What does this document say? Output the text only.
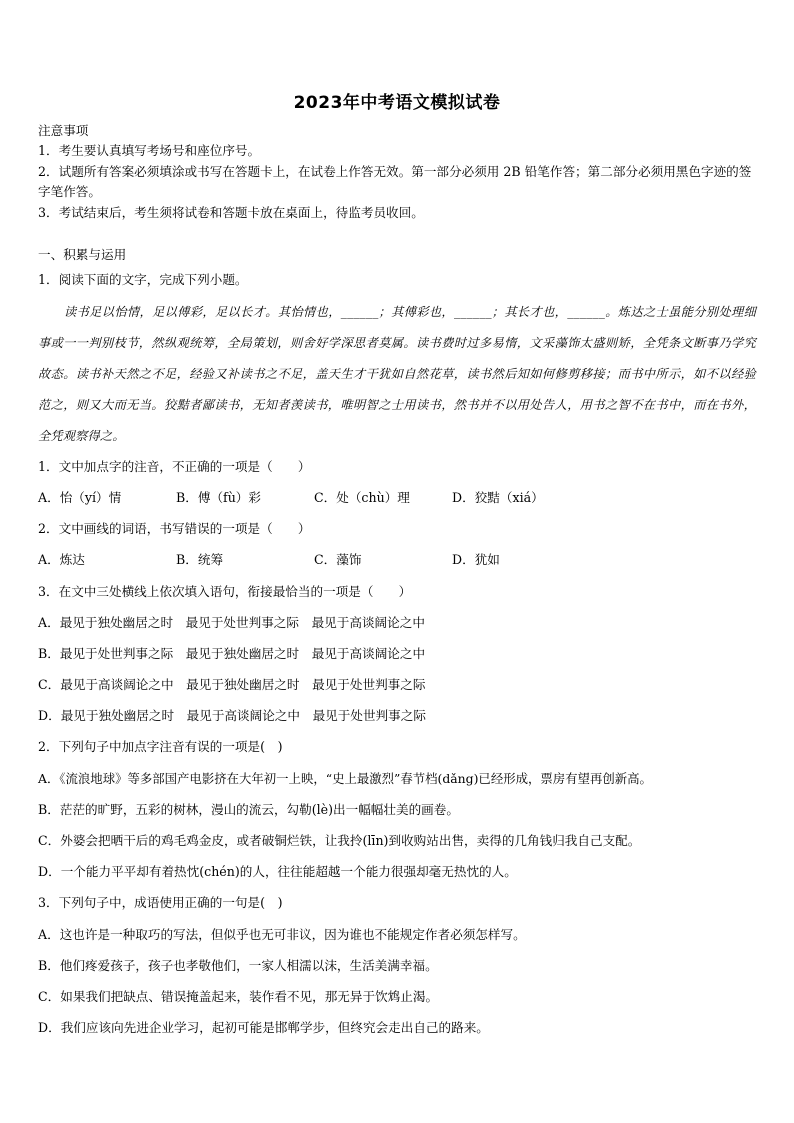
2023年中考语文模拟试卷
注意事项
1．考生要认真填写考场号和座位序号。
2．试题所有答案必须填涂或书写在答题卡上，在试卷上作答无效。第一部分必须用 2B 铅笔作答；第二部分必须用黑色字迹的签字笔作答。
3．考试结束后，考生须将试卷和答题卡放在桌面上，待监考员收回。
一、积累与运用
1．阅读下面的文字，完成下列小题。
读书足以怡情，足以傅彩，足以长才。其怡情也，______；其傅彩也，______；其长才也，______。炼达之士虽能分别处理细事或一一判别枝节，然纵观统筹，全局策划，则舍好学深思者莫属。读书费时过多易惰，文采藻饰太盛则矫，全凭条文断事乃学究故态。读书补天然之不足，经验又补读书之不足，盖天生才干犹如自然花草，读书然后知如何修剪移接；而书中所示，如不以经验范之，则又大而无当。狡黠者鄙读书，无知者羡读书，唯明智之士用读书，然书并不以用处告人，用书之智不在书中，而在书外，全凭观察得之。
1．文中加点字的注音，不正确的一项是（　　）
A．怡（yí）情	B．傅（fù）彩	C．处（chù）理	D．狡黠（xiá）
2．文中画线的词语，书写错误的一项是（　　）
A．炼达	B．统筹	C．藻饰	D．犹如
3．在文中三处横线上依次填入语句，衔接最恰当的一项是（　　）
A．最见于独处幽居之时　最见于处世判事之际　最见于高谈阔论之中
B．最见于处世判事之际　最见于独处幽居之时　最见于高谈阔论之中
C．最见于高谈阔论之中　最见于独处幽居之时　最见于处世判事之际
D．最见于独处幽居之时　最见于高谈阔论之中　最见于处世判事之际
2．下列句子中加点字注音有误的一项是(　)
A．《流浪地球》等多部国产电影挤在大年初一上映，“史上最激烈”春节档(dǎng)已经形成，票房有望再创新高。
B．茫茫的旷野，五彩的树林，漫山的流云，勾勒(lè)出一幅幅壮美的画卷。
C．外婆会把晒干后的鸡毛鸡金皮，或者破铜烂铁，让我拎(līn)到收购站出售，卖得的几角钱归我自己支配。
D．一个能力平平却有着热忱(chén)的人，往往能超越一个能力很强却毫无热忱的人。
3．下列句子中，成语使用正确的一句是(　)
A．这也许是一种取巧的写法，但似乎也无可非议，因为谁也不能规定作者必须怎样写。
B．他们疼爱孩子，孩子也孝敬他们，一家人相濡以沫，生活美满幸福。
C．如果我们把缺点、错误掩盖起来，装作看不见，那无异于饮鸩止渴。
D．我们应该向先进企业学习，起初可能是邯郸学步，但终究会走出自己的路来。
